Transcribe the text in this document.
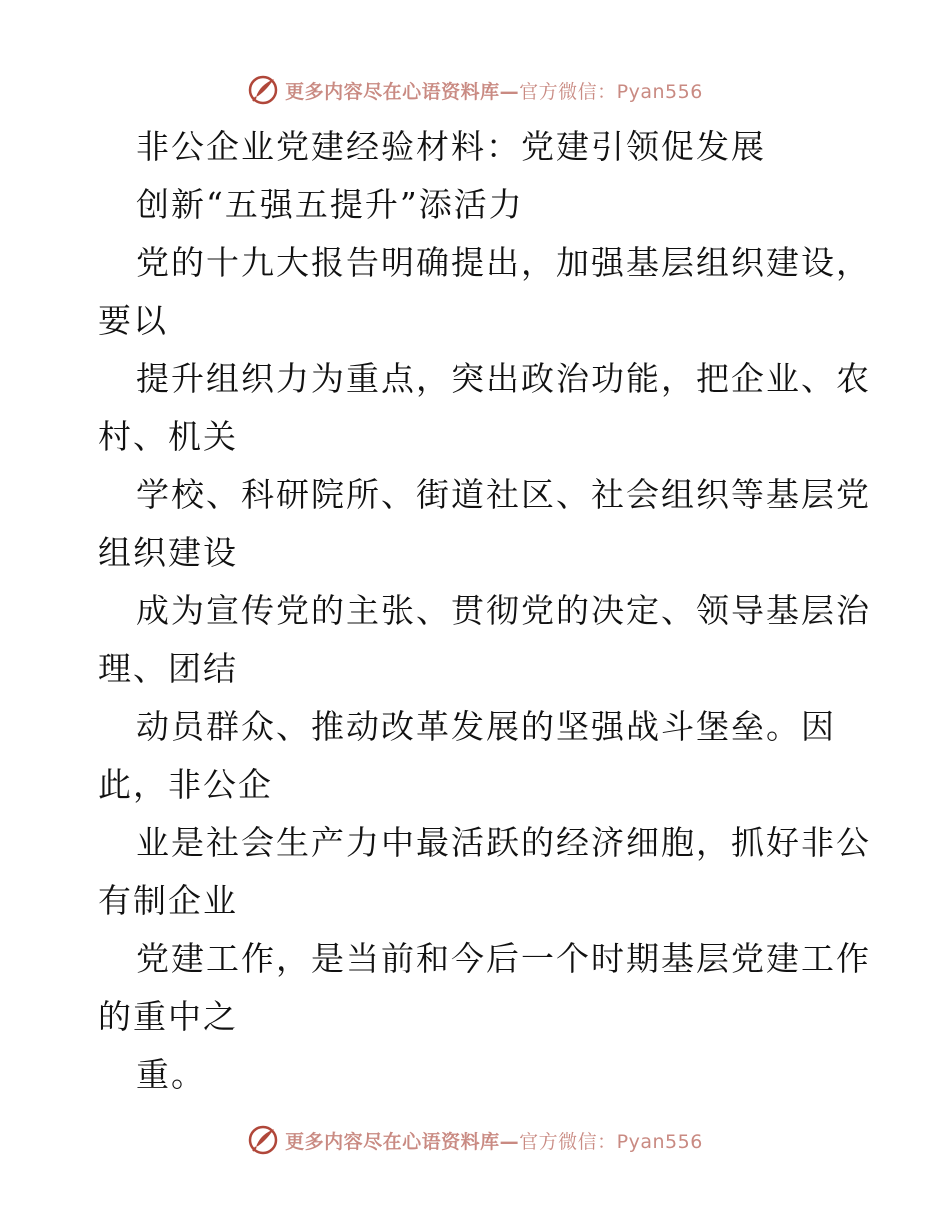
更多内容尽在心语资料库—官方微信：Pyan556
非公企业党建经验材料：党建引领促发展
创新“五强五提升”添活力
党的十九大报告明确提出，加强基层组织建设，
要以
提升组织力为重点，突出政治功能，把企业、农
村、机关
学校、科研院所、街道社区、社会组织等基层党
组织建设
成为宣传党的主张、贯彻党的决定、领导基层治
理、团结
动员群众、推动改革发展的坚强战斗堡垒。因
此，非公企
业是社会生产力中最活跃的经济细胞，抓好非公
有制企业
党建工作，是当前和今后一个时期基层党建工作
的重中之
重。
更多内容尽在心语资料库—官方微信：Pyan556
